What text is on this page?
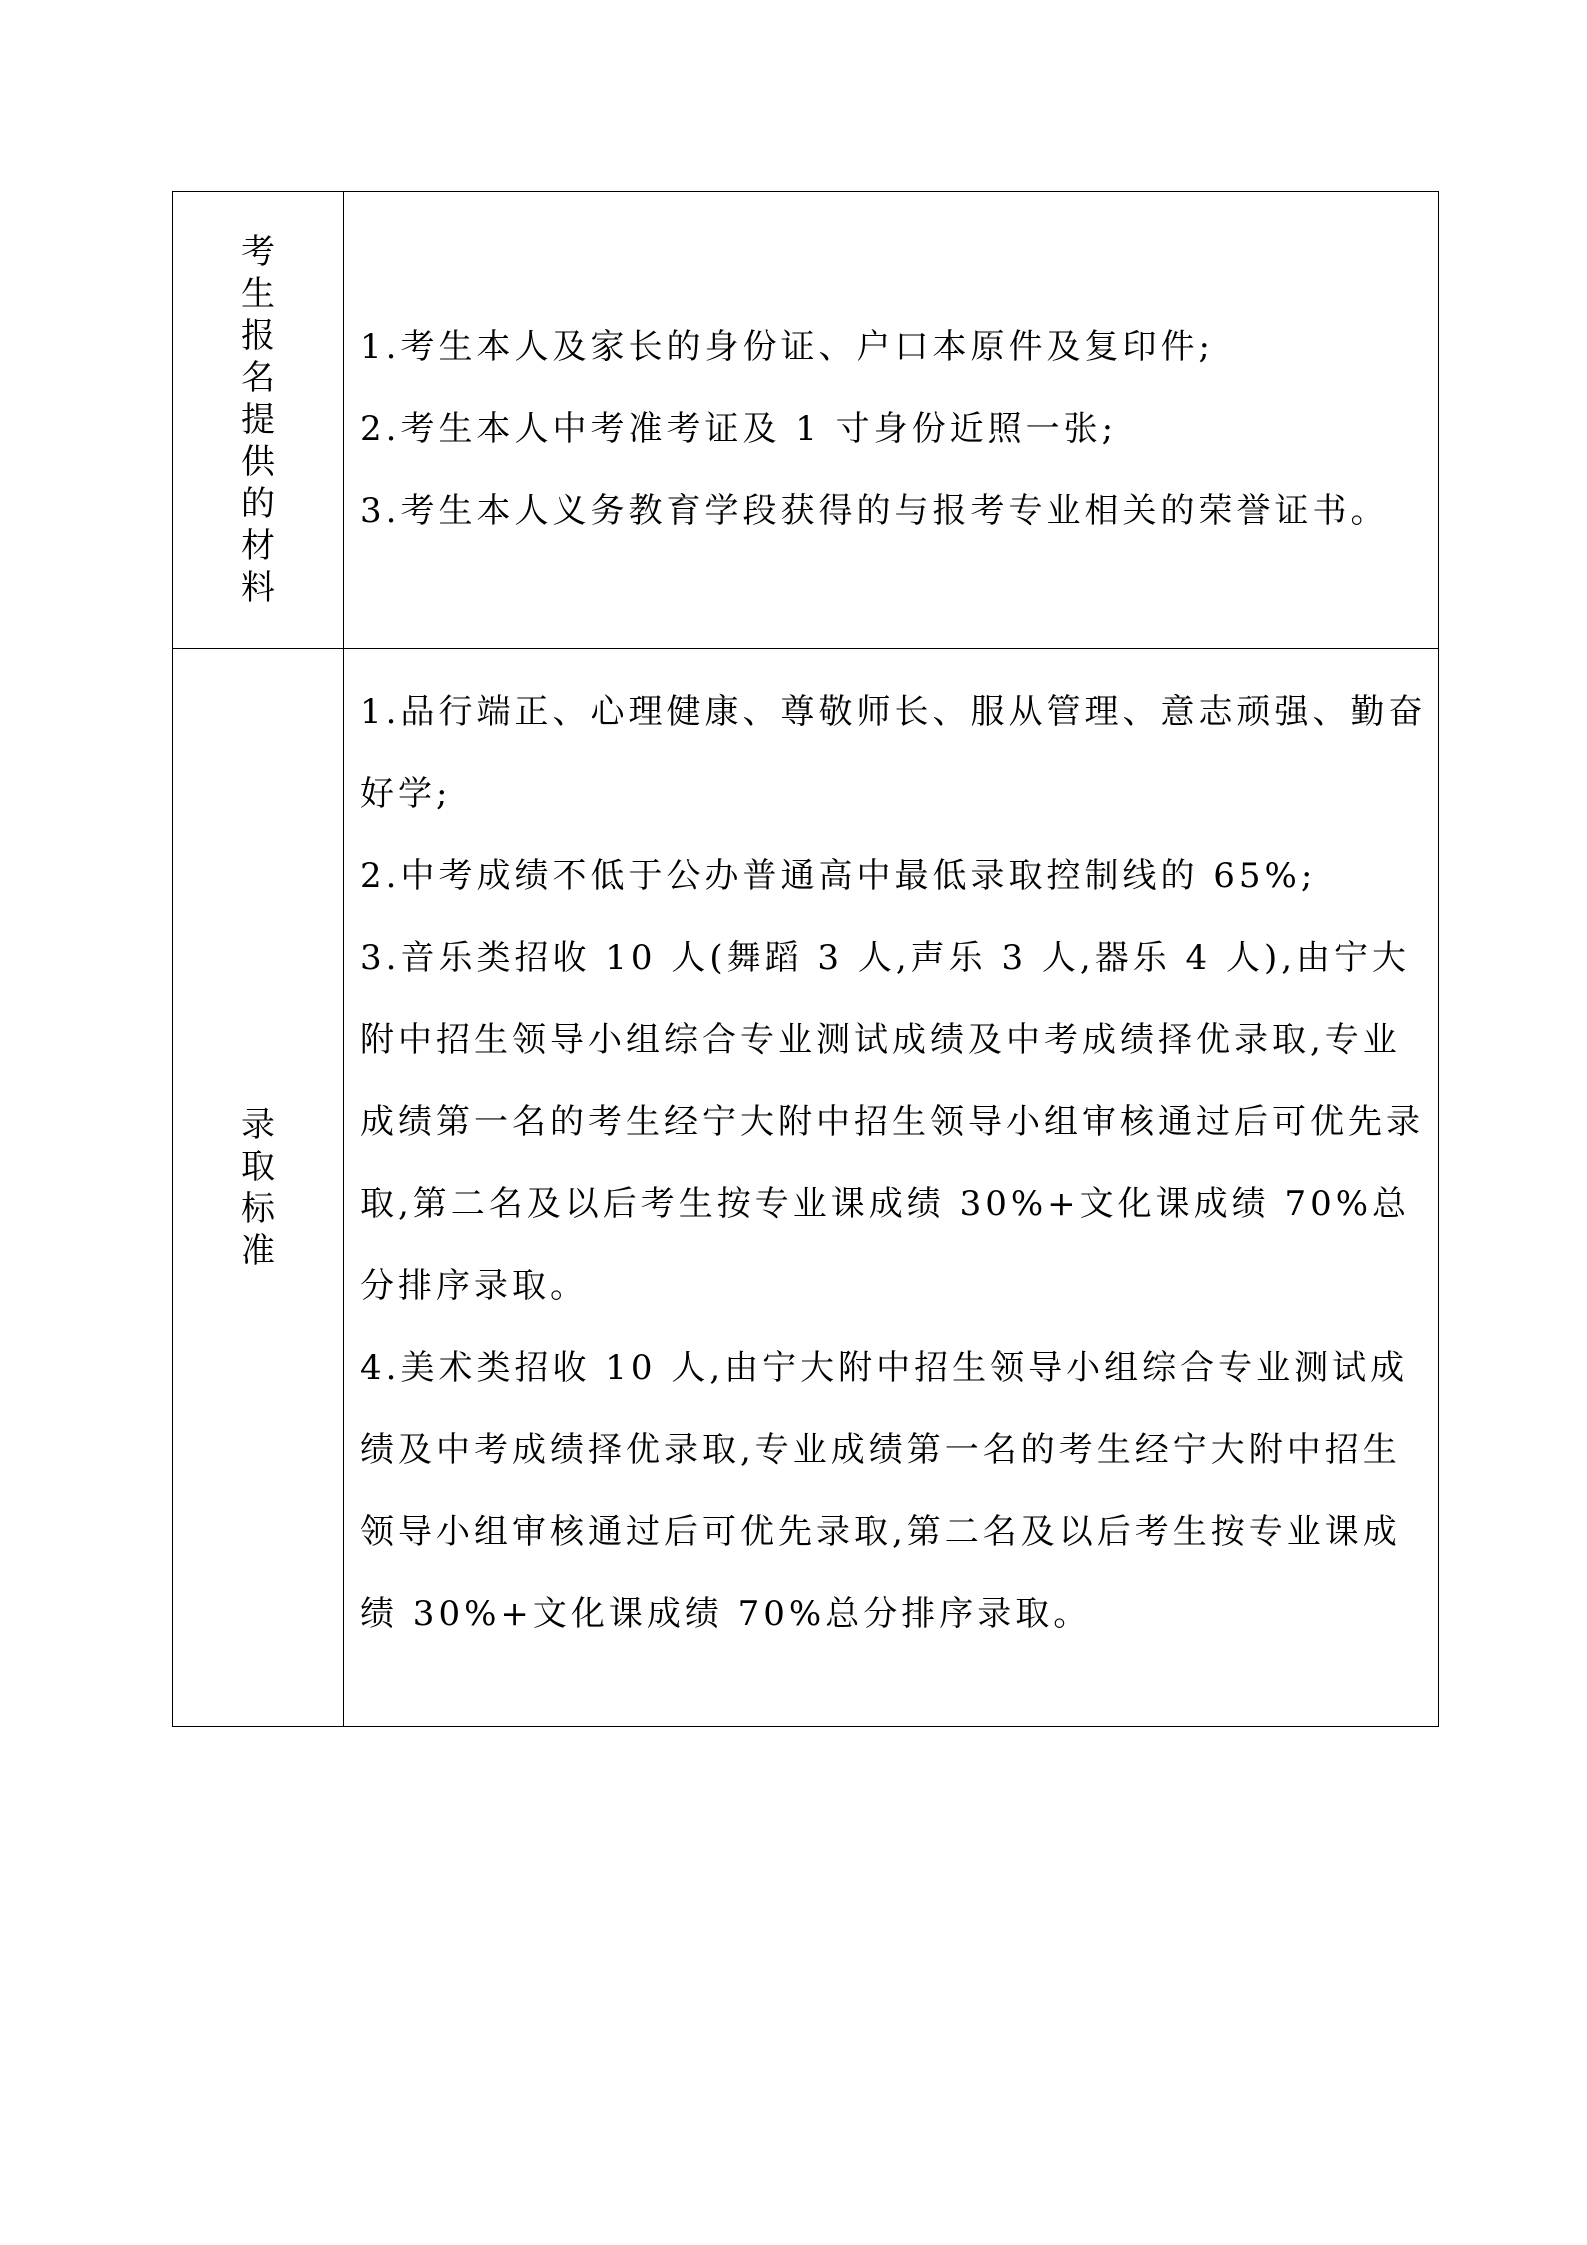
考生报名提供的材料	1.考生本人及家长的身份证、户口本原件及复印件;
2.考生本人中考准考证及 1 寸身份近照一张;
3.考生本人义务教育学段获得的与报考专业相关的荣誉证书。

录取标准	1.品行端正、心理健康、尊敬师长、服从管理、意志顽强、勤奋好学;
2.中考成绩不低于公办普通高中最低录取控制线的 65%;
3.音乐类招收 10 人(舞蹈 3 人,声乐 3 人,器乐 4 人),由宁大附中招生领导小组综合专业测试成绩及中考成绩择优录取,专业成绩第一名的考生经宁大附中招生领导小组审核通过后可优先录取,第二名及以后考生按专业课成绩 30%+文化课成绩 70%总分排序录取。
4.美术类招收 10 人,由宁大附中招生领导小组综合专业测试成绩及中考成绩择优录取,专业成绩第一名的考生经宁大附中招生领导小组审核通过后可优先录取,第二名及以后考生按专业课成绩 30%+文化课成绩 70%总分排序录取。
